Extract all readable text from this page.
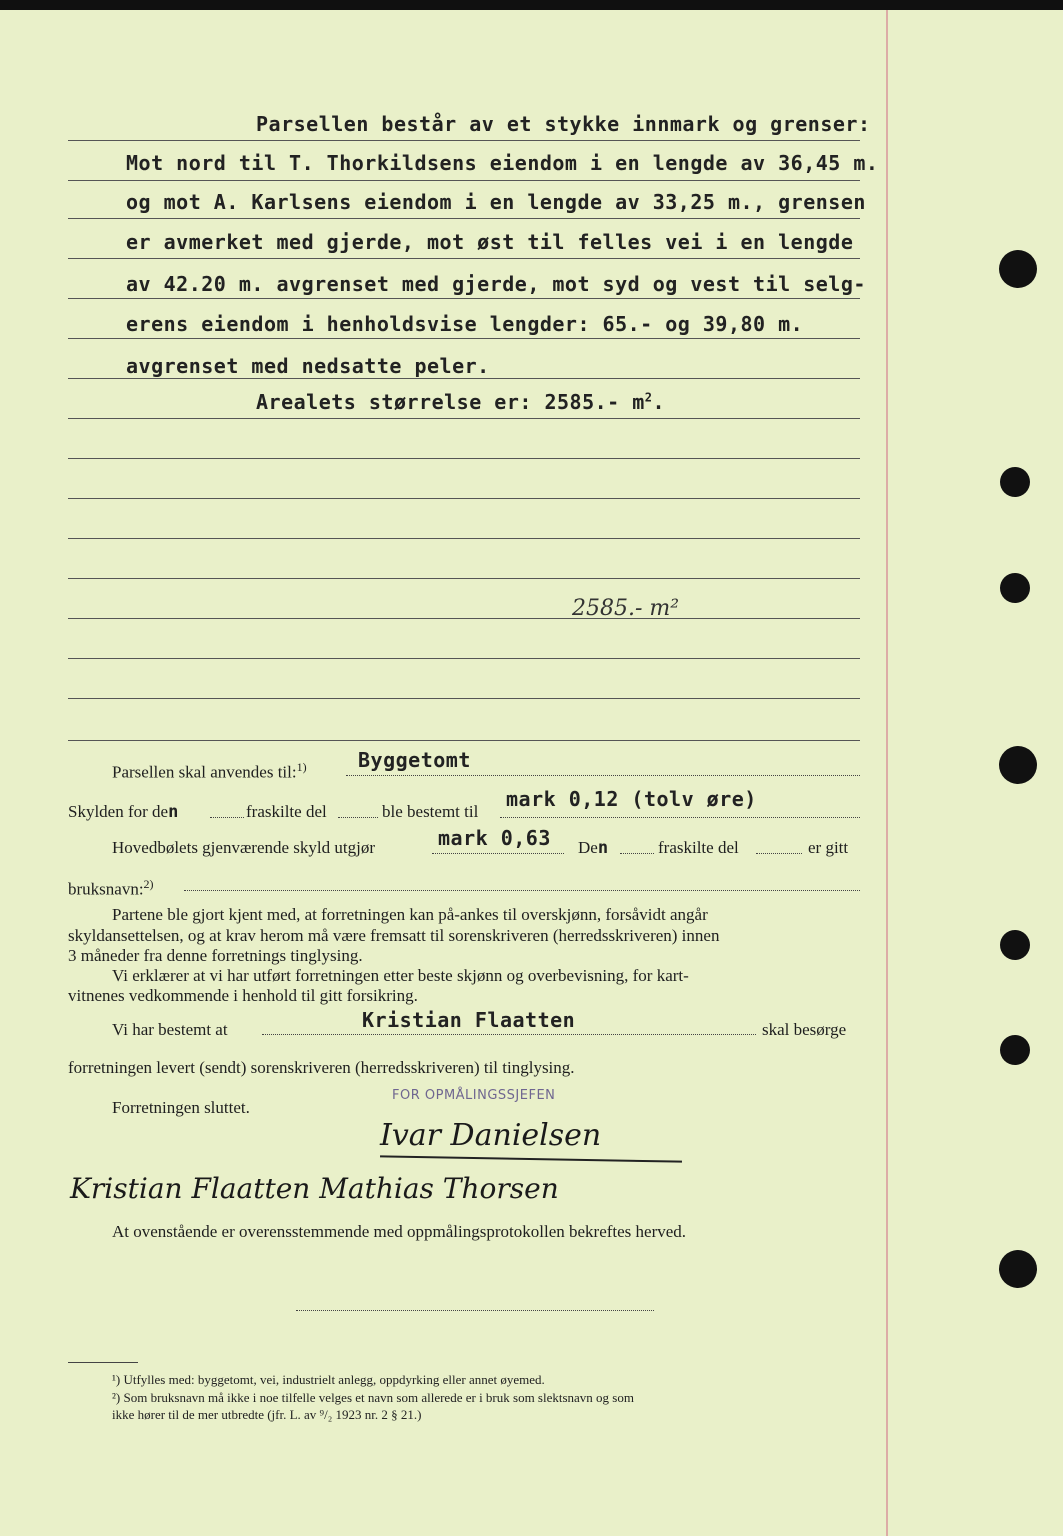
Parsellen består av et stykke innmark og grenser:
Mot nord til T. Thorkildsens eiendom i en lengde av 36,45 m.
og mot A. Karlsens eiendom i en lengde av 33,25 m., grensen
er avmerket med gjerde, mot øst til felles vei i en lengde
av 42.20 m. avgrenset med gjerde, mot syd og vest til selg-
erens eiendom i henholdsvise lengder: 65.- og 39,80 m.
avgrenset med nedsatte peler.
Arealets størrelse er: 2585.- $m^2$.
2585.- m²
Parsellen skal anvendes til:$^{1)}$	Byggetomt
Skylden for den	fraskilte del	ble bestemt til
mark 0,12 (tolv øre)
Hovedbølets gjenværende skyld utgjør	mark 0,63 Den	fraskilte del	er gitt
bruksnavn:$^{2)}$
Partene ble gjort kjent med, at forretningen kan på-ankes til overskjønn, forsåvidt angår
skyldansettelsen, og at krav herom må være fremsatt til sorenskriveren (herredsskriveren) innen
3 måneder fra denne forretnings tinglysing.
Vi erklærer at vi har utført forretningen etter beste skjønn og overbevisning, for kart-
vitnenes vedkommende i henhold til gitt forsikring.
Vi har bestemt at	Kristian Flaatten	skal besørge
forretningen levert (sendt) sorenskriveren (herredsskriveren) til tinglysing.
Forretningen sluttet.
FOR OPMÅLINGSSJEFEN
Ivar Danielsen
Kristian Flaatten Mathias Thorsen
At ovenstående er overensstemmende med oppmålingsprotokollen bekreftes herved.
¹) Utfylles med: byggetomt, vei, industrielt anlegg, oppdyrking eller annet øyemed.
²) Som bruksnavn må ikke i noe tilfelle velges et navn som allerede er i bruk som slektsnavn og som
ikke hører til de mer utbredte (jfr. L. av ⁹/₂ 1923 nr. 2 § 21.)
